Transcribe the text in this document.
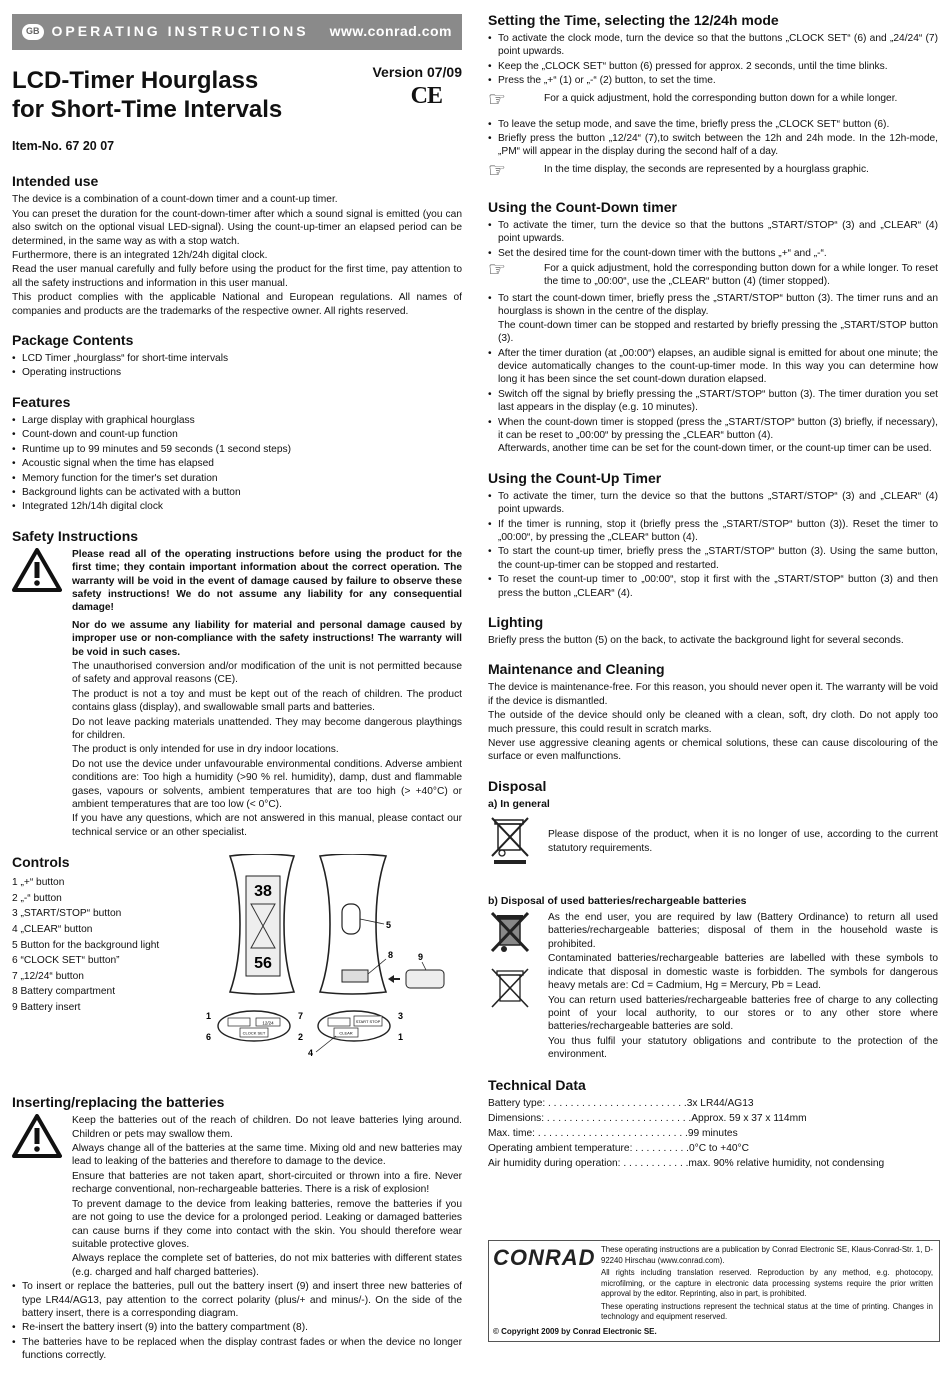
GB OPERATING INSTRUCTIONS www.conrad.com
LCD-Timer Hourglass
for Short-Time Intervals
Version 07/09
CE
Item-No. 67 20 07
Intended use

The device is a combination of a count-down timer and a count-up timer.

You can preset the duration for the count-down-timer after which a sound signal is emitted (you can also switch on the optional visual LED-signal). Using the count-up-timer an elapsed period can be determined, in the same way as with a stop watch.

Furthermore, there is an integrated 12h/24h digital clock.

Read the user manual carefully and fully before using the product for the first time, pay attention to all the safety instructions and information in this user manual.

This product complies with the applicable National and European regulations. All names of companies and products are the trademarks of the respective owner. All rights reserved.

Package Contents
• LCD Timer „hourglass“ for short-time intervals
• Operating instructions
Features
• Large display with graphical hourglass
• Count-down and count-up function
• Runtime up to 99 minutes and 59 seconds (1 second steps)
• Acoustic signal when the time has elapsed
• Memory function for the timer's set duration
• Background lights can be activated with a button
• Integrated 12h/14h digital clock
Safety Instructions

Please read all of the operating instructions before using the product for the first time; they contain important information about the correct operation. The warranty will be void in the event of damage caused by failure to observe these safety instructions! We do not assume any liability for any consequential damage!

Nor do we assume any liability for material and personal damage caused by improper use or non-compliance with the safety instructions! The warranty will be void in such cases.

The unauthorised conversion and/or modification of the unit is not permitted because of safety and approval reasons (CE).

The product is not a toy and must be kept out of the reach of children. The product contains glass (display), and swallowable small parts and batteries.

Do not leave packing materials unattended. They may become dangerous playthings for children.

The product is only intended for use in dry indoor locations.

Do not use the device under unfavourable environmental conditions. Adverse ambient conditions are: Too high a humidity (>90 % rel. humidity), damp, dust and flammable gases, vapours or solvents, ambient temperatures that are too high (> +40°C) or ambient temperatures that are too low (< 0°C).

If you have any questions, which are not answered in this manual, please contact our technical service or an other specialist.

Controls
1 „+“ button
2 „-“ button
3 „START/STOP“ button
4 „CLEAR“ button
5 Button for the background light
6 “CLOCK SET“ button”
7 „12/24“ button
8 Battery compartment
9 Battery insert
38
56
5
8	9
12/24
CLOCK SET
1
6
7
2
START STOP
CLEAR
3
1
4
Inserting/replacing the batteries

Keep the batteries out of the reach of children. Do not leave batteries lying around. Children or pets may swallow them.

Always change all of the batteries at the same time. Mixing old and new batteries may lead to leaking of the batteries and therefore to damage to the device.

Ensure that batteries are not taken apart, short-circuited or thrown into a fire. Never recharge conventional, non-rechargeable batteries. There is a risk of explosion!

To prevent damage to the device from leaking batteries, remove the batteries if you are not going to use the device for a prolonged period. Leaking or damaged batteries can cause burns if they come into contact with the skin. You should therefore wear suitable protective gloves.

Always replace the complete set of batteries, do not mix batteries with different states (e.g. charged and half charged batteries).

• To insert or replace the batteries, pull out the battery insert (9) and insert three new batteries of type LR44/AG13, pay attention to the correct polarity (plus/+ and minus/-). On the side of the battery insert, there is a corresponding diagram.
• Re-insert the battery insert (9) into the battery compartment (8).
• The batteries have to be replaced when the display contrast fades or when the device no longer functions correctly.
Setting the Time, selecting the 12/24h mode
• To activate the clock mode, turn the device so that the buttons „CLOCK SET“ (6) and „24/24“ (7) point upwards.
• Keep the „CLOCK SET“ button (6) pressed for approx. 2 seconds, until the time blinks.
• Press the „+“ (1) or „-“ (2) button, to set the time.
☞	For a quick adjustment, hold the corresponding button down for a while longer.

• To leave the setup mode, and save the time, briefly press the „CLOCK SET“ button (6).
• Briefly press the button „12/24“ (7),to switch between the 12h and 24h mode. In the 12h-mode, „PM“ will appear in the display during the second half of a day.
☞	In the time display, the seconds are represented by a hourglass graphic.

Using the Count-Down timer
• To activate the timer, turn the device so that the buttons „START/STOP“ (3) and „CLEAR“ (4) point upwards.
• Set the desired time for the count-down timer with the buttons „+“ and „-“.
☞	For a quick adjustment, hold the corresponding button down for a while longer. To reset the time to „00:00“, use the „CLEAR“ button (4) (timer stopped).

• To start the count-down timer, briefly press the „START/STOP“ button (3). The timer runs and an hourglass is shown in the centre of the display.
The count-down timer can be stopped and restarted by briefly pressing the „START/STOP button (3).
• After the timer duration (at „00:00“) elapses, an audible signal is emitted for about one minute; the device automatically changes to the count-up-timer mode. In this way you can determine how long it has been since the set count-down duration elapsed.
• Switch off the signal by briefly pressing the „START/STOP“ button (3). The timer duration you set last appears in the display (e.g. 10 minutes).
• When the count-down timer is stopped (press the „START/STOP“ button (3) briefly, if necessary), it can be reset to „00:00“ by pressing the „CLEAR“ button (4).
Afterwards, another time can be set for the count-down timer, or the count-up timer can be used.
Using the Count-Up Timer
• To activate the timer, turn the device so that the buttons „START/STOP“ (3) and „CLEAR“ (4) point upwards.
• If the timer is running, stop it (briefly press the „START/STOP“ button (3)). Reset the timer to „00:00“, by pressing the „CLEAR“ button (4).
• To start the count-up timer, briefly press the „START/STOP“ button (3). Using the same button, the count-up-timer can be stopped and restarted.
• To reset the count-up timer to „00:00“, stop it first with the „START/STOP“ button (3) and then press the button „CLEAR“ (4).
Lighting

Briefly press the button (5) on the back, to activate the background light for several seconds.

Maintenance and Cleaning

The device is maintenance-free. For this reason, you should never open it. The warranty will be void if the device is dismantled.

The outside of the device should only be cleaned with a clean, soft, dry cloth. Do not apply too much pressure, this could result in scratch marks.

Never use aggressive cleaning agents or chemical solutions, these can cause discolouring of the surface or even malfunctions.

Disposal
a) In general

Please dispose of the product, when it is no longer of use, according to the current statutory requirements.

b) Disposal of used batteries/rechargeable batteries

As the end user, you are required by law (Battery Ordinance) to return all used batteries/rechargeable batteries; disposal of them in the household waste is prohibited.

Contaminated batteries/rechargeable batteries are labelled with these symbols to indicate that disposal in domestic waste is forbidden. The symbols for dangerous heavy metals are: Cd = Cadmium, Hg = Mercury, Pb = Lead.

You can return used batteries/rechargeable batteries free of charge to any collecting point of your local authority, to our stores or to any other store where batteries/rechargeable batteries are sold.

You thus fulfil your statutory obligations and contribute to the protection of the environment.

Technical Data
Battery type: . . . . . . . . . . . . . . . . . . . . . . . . .3x LR44/AG13
Dimensions: . . . . . . . . . . . . . . . . . . . . . . . . . .Approx. 59 x 37 x 114mm
Max. time: . . . . . . . . . . . . . . . . . . . . . . . . . . .99 minutes
Operating ambient temperature: . . . . . . . . . .0°C to +40°C
Air humidity during operation: . . . . . . . . . . . .max. 90% relative humidity, not condensing
CONRAD These operating instructions are a publication by Conrad Electronic SE, Klaus-Conrad-Str. 1, D-92240 Hirschau (www.conrad.com).

All rights including translation reserved. Reproduction by any method, e.g. photocopy, microfilming, or the capture in electronic data processing systems require the prior written approval by the editor. Reprinting, also in part, is prohibited.

These operating instructions represent the technical status at the time of printing. Changes in technology and equipment reserved.

© Copyright 2009 by Conrad Electronic SE.
